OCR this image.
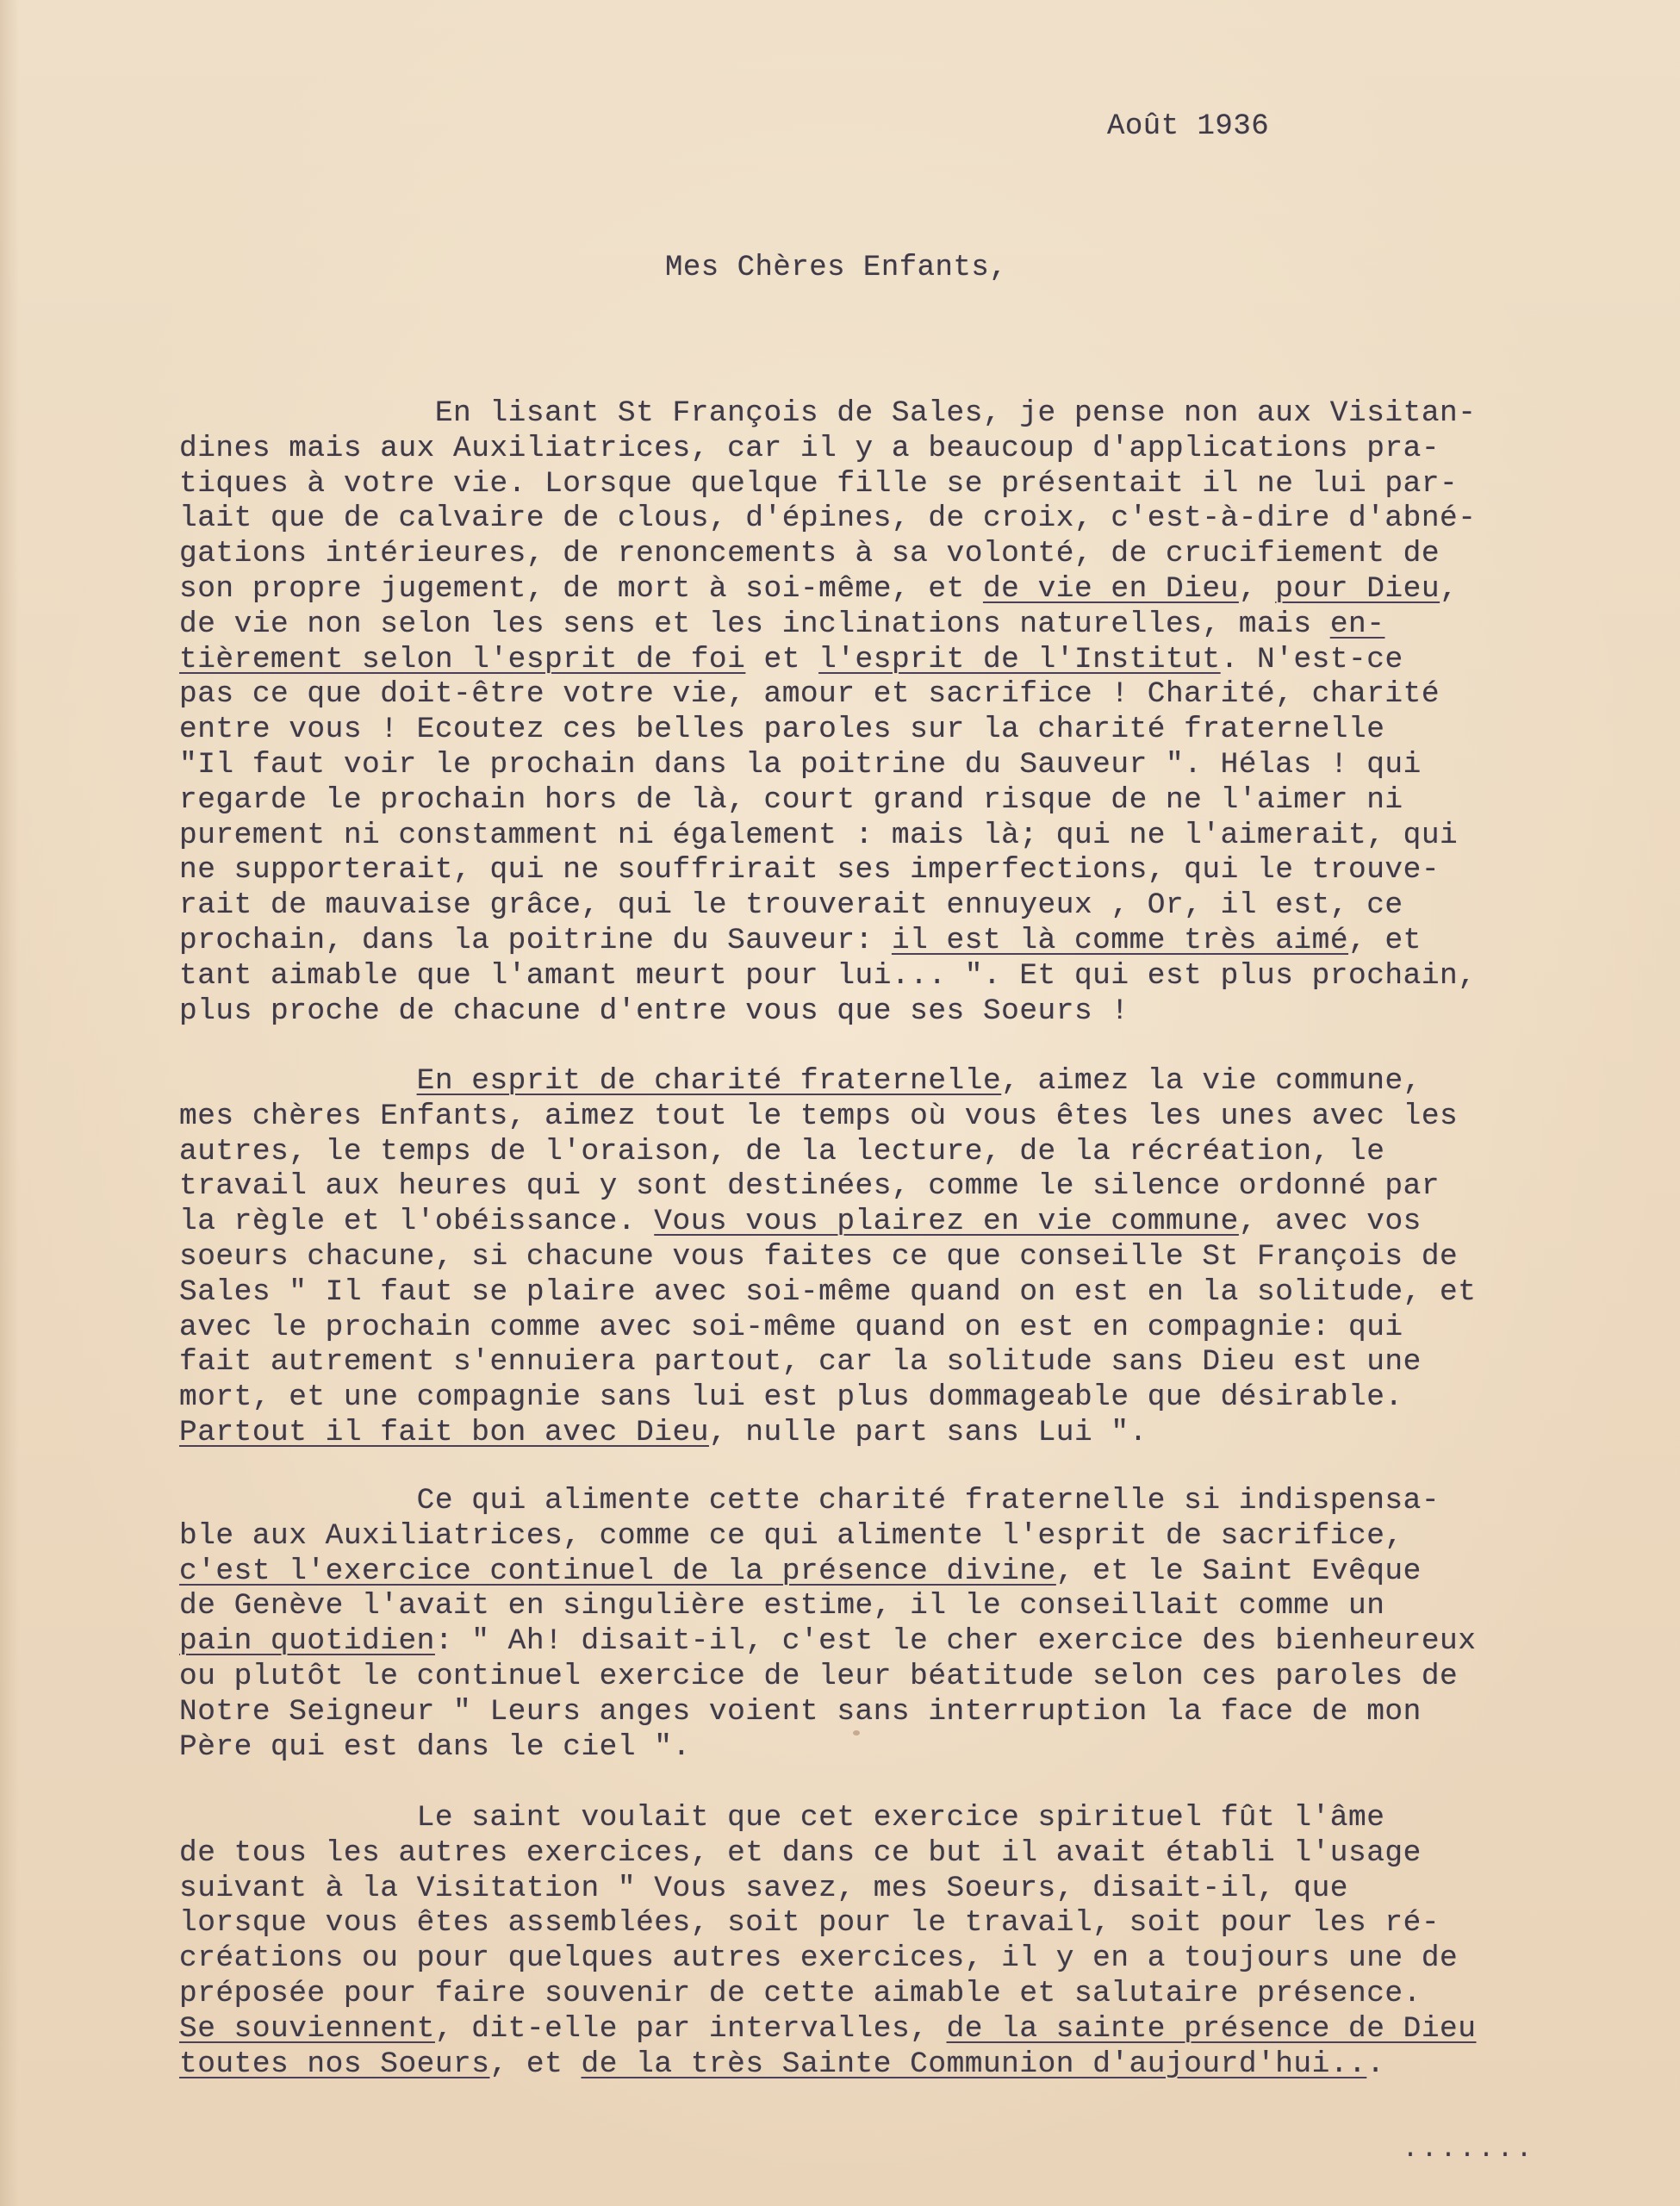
Août 1936
Mes Chères Enfants,
En lisant St François de Sales, je pense non aux Visitan-
dines mais aux Auxiliatrices, car il y a beaucoup d'applications pra-
tiques à votre vie. Lorsque quelque fille se présentait il ne lui par-
lait que de calvaire de clous, d'épines, de croix, c'est-à-dire d'abné-
gations intérieures, de renoncements à sa volonté, de crucifiement de
son propre jugement, de mort à soi-même, et de vie en Dieu, pour Dieu,
de vie non selon les sens et les inclinations naturelles, mais en-
tièrement selon l'esprit de foi et l'esprit de l'Institut. N'est-ce
pas ce que doit-être votre vie, amour et sacrifice ! Charité, charité
entre vous ! Ecoutez ces belles paroles sur la charité fraternelle
"Il faut voir le prochain dans la poitrine du Sauveur ". Hélas ! qui
regarde le prochain hors de là, court grand risque de ne l'aimer ni
purement ni constamment ni également : mais là; qui ne l'aimerait, qui
ne supporterait, qui ne souffrirait ses imperfections, qui le trouve-
rait de mauvaise grâce, qui le trouverait ennuyeux , Or, il est, ce
prochain, dans la poitrine du Sauveur: il est là comme très aimé, et
tant aimable que l'amant meurt pour lui... ". Et qui est plus prochain,
plus proche de chacune d'entre vous que ses Soeurs !
En esprit de charité fraternelle, aimez la vie commune,
mes chères Enfants, aimez tout le temps où vous êtes les unes avec les
autres, le temps de l'oraison, de la lecture, de la récréation, le
travail aux heures qui y sont destinées, comme le silence ordonné par
la règle et l'obéissance. Vous vous plairez en vie commune, avec vos
soeurs chacune, si chacune vous faites ce que conseille St François de
Sales " Il faut se plaire avec soi-même quand on est en la solitude, et
avec le prochain comme avec soi-même quand on est en compagnie: qui
fait autrement s'ennuiera partout, car la solitude sans Dieu est une
mort, et une compagnie sans lui est plus dommageable que désirable.
Partout il fait bon avec Dieu, nulle part sans Lui ".
Ce qui alimente cette charité fraternelle si indispensa-
ble aux Auxiliatrices, comme ce qui alimente l'esprit de sacrifice,
c'est l'exercice continuel de la présence divine, et le Saint Evêque
de Genève l'avait en singulière estime, il le conseillait comme un
pain quotidien: " Ah! disait-il, c'est le cher exercice des bienheureux
ou plutôt le continuel exercice de leur béatitude selon ces paroles de
Notre Seigneur " Leurs anges voient sans interruption la face de mon
Père qui est dans le ciel ".
Le saint voulait que cet exercice spirituel fût l'âme
de tous les autres exercices, et dans ce but il avait établi l'usage
suivant à la Visitation " Vous savez, mes Soeurs, disait-il, que
lorsque vous êtes assemblées, soit pour le travail, soit pour les ré-
créations ou pour quelques autres exercices, il y en a toujours une de
préposée pour faire souvenir de cette aimable et salutaire présence.
Se souviennent, dit-elle par intervalles, de la sainte présence de Dieu
toutes nos Soeurs, et de la très Sainte Communion d'aujourd'hui...
.......
